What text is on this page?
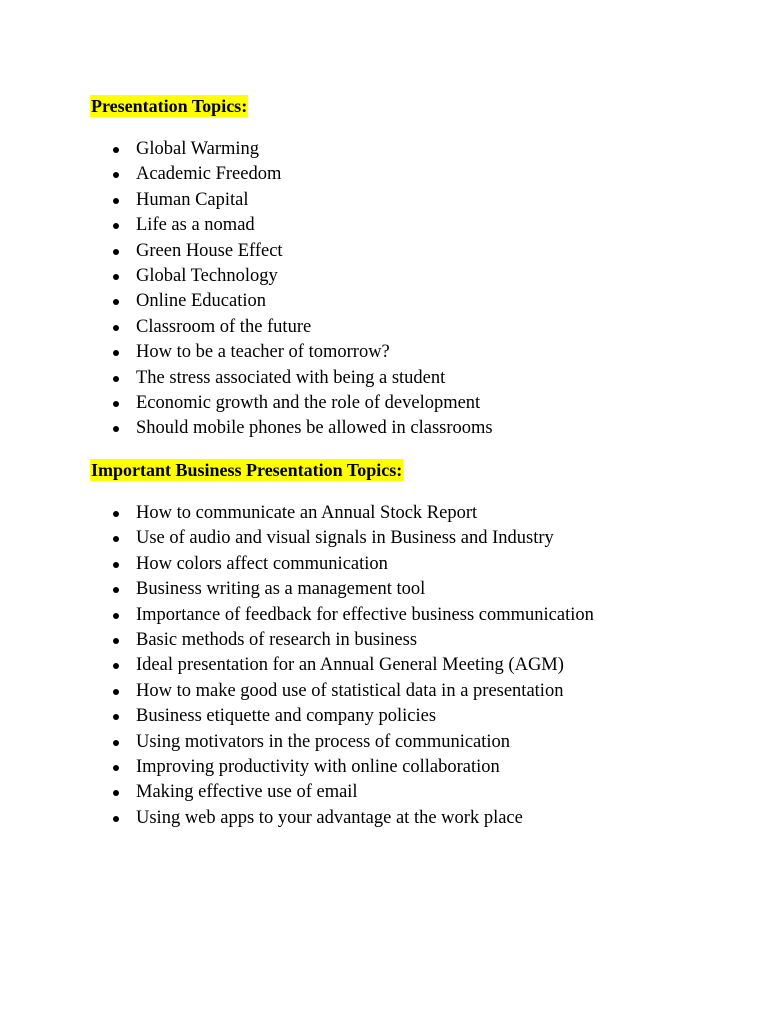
Presentation Topics:
Global Warming
Academic Freedom
Human Capital
Life as a nomad
Green House Effect
Global Technology
Online Education
Classroom of the future
How to be a teacher of tomorrow?
The stress associated with being a student
Economic growth and the role of development
Should mobile phones be allowed in classrooms
Important Business Presentation Topics:
How to communicate an Annual Stock Report
Use of audio and visual signals in Business and Industry
How colors affect communication
Business writing as a management tool
Importance of feedback for effective business communication
Basic methods of research in business
Ideal presentation for an Annual General Meeting (AGM)
How to make good use of statistical data in a presentation
Business etiquette and company policies
Using motivators in the process of communication
Improving productivity with online collaboration
Making effective use of email
Using web apps to your advantage at the work place
